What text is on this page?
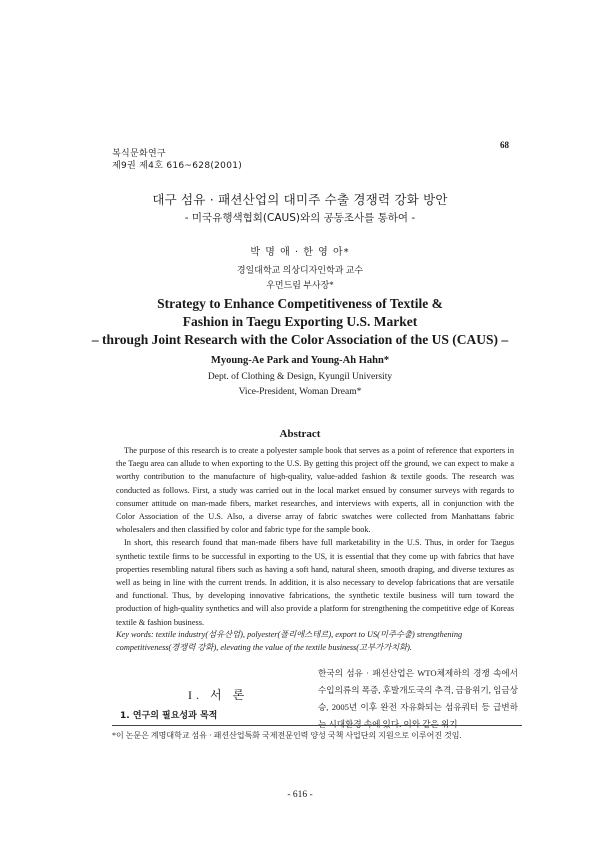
복식문화연구
제9권 제4호 616~628(2001)
68
대구 섬유 · 패션산업의 대미주 수출 경쟁력 강화 방안
- 미국유행색협회(CAUS)와의 공동조사를 통하여 -
박 명 애 · 한 영 아*
경일대학교 의상디자인학과 교수
우먼드림 부사장*
Strategy to Enhance Competitiveness of Textile &
Fashion in Taegu Exporting U.S. Market
– through Joint Research with the Color Association of the US (CAUS) –
Myoung-Ae Park and Young-Ah Hahn*
Dept. of Clothing & Design, Kyungil University
Vice-President, Woman Dream*
Abstract

The purpose of this research is to create a polyester sample book that serves as a point of reference that exporters in the Taegu area can allude to when exporting to the U.S. By getting this project off the ground, we can expect to make a worthy contribution to the manufacture of high-quality, value-added fashion & textile goods. The research was conducted as follows. First, a study was carried out in the local market ensued by consumer surveys with regards to consumer attitude on man-made fibers, market researches, and interviews with experts, all in conjunction with the Color Association of the U.S. Also, a diverse array of fabric swatches were collected from Manhattans fabric wholesalers and then classified by color and fabric type for the sample book.

In short, this research found that man-made fibers have full marketability in the U.S. Thus, in order for Taegus synthetic textile firms to be successful in exporting to the US, it is essential that they come up with fabrics that have properties resembling natural fibers such as having a soft hand, natural sheen, smooth draping, and diverse textures as well as being in line with the current trends. In addition, it is also necessary to develop fabrications that are versatile and functional. Thus, by developing innovative fabrications, the synthetic textile business will turn toward the production of high-quality synthetics and will also provide a platform for strengthening the competitive edge of Koreas textile & fashion business.

Key words: textile industry(섬유산업), polyester(폴리에스테르), export to US(미주수출) strengthening competitiveness(경쟁력 강화), elevating the value of the textile business(고부가가치화).
I. 서 론
1. 연구의 필요성과 목적
한국의 섬유 · 패션산업은 WTO체제하의 경쟁 속에서 수입의류의 폭증, 후발개도국의 추격, 금융위기, 임금상승, 2005년 이후 완전 자유화되는 섬유쿼터 등 급변하는 시대환경 속에 있다. 이와 같은 위기
*이 논문은 계명대학교 섬유 · 패션산업특화 국제전문인력 양성 국책 사업단의 지원으로 이루어진 것임.
- 616 -
